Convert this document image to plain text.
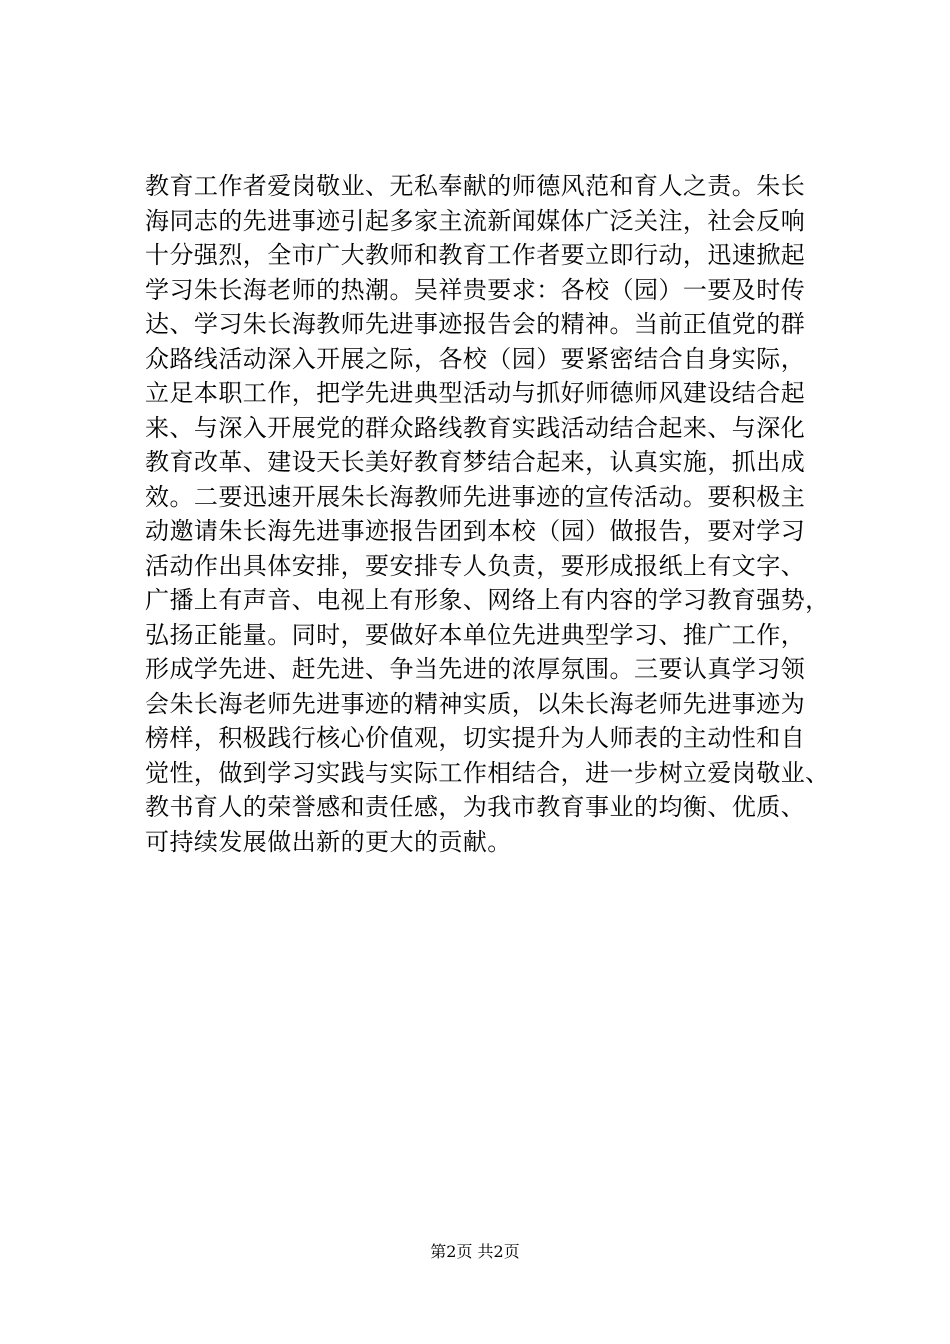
教育工作者爱岗敬业、无私奉献的师德风范和育人之责。朱长
海同志的先进事迹引起多家主流新闻媒体广泛关注，社会反响
十分强烈，全市广大教师和教育工作者要立即行动，迅速掀起
学习朱长海老师的热潮。吴祥贵要求：各校（园）一要及时传
达、学习朱长海教师先进事迹报告会的精神。当前正值党的群
众路线活动深入开展之际，各校（园）要紧密结合自身实际，
立足本职工作，把学先进典型活动与抓好师德师风建设结合起
来、与深入开展党的群众路线教育实践活动结合起来、与深化
教育改革、建设天长美好教育梦结合起来，认真实施，抓出成
效。二要迅速开展朱长海教师先进事迹的宣传活动。要积极主
动邀请朱长海先进事迹报告团到本校（园）做报告，要对学习
活动作出具体安排，要安排专人负责，要形成报纸上有文字、
广播上有声音、电视上有形象、网络上有内容的学习教育强势，
弘扬正能量。同时，要做好本单位先进典型学习、推广工作，
形成学先进、赶先进、争当先进的浓厚氛围。三要认真学习领
会朱长海老师先进事迹的精神实质，以朱长海老师先进事迹为
榜样，积极践行核心价值观，切实提升为人师表的主动性和自
觉性，做到学习实践与实际工作相结合，进一步树立爱岗敬业、
教书育人的荣誉感和责任感，为我市教育事业的均衡、优质、
可持续发展做出新的更大的贡献。
第2页 共2页
